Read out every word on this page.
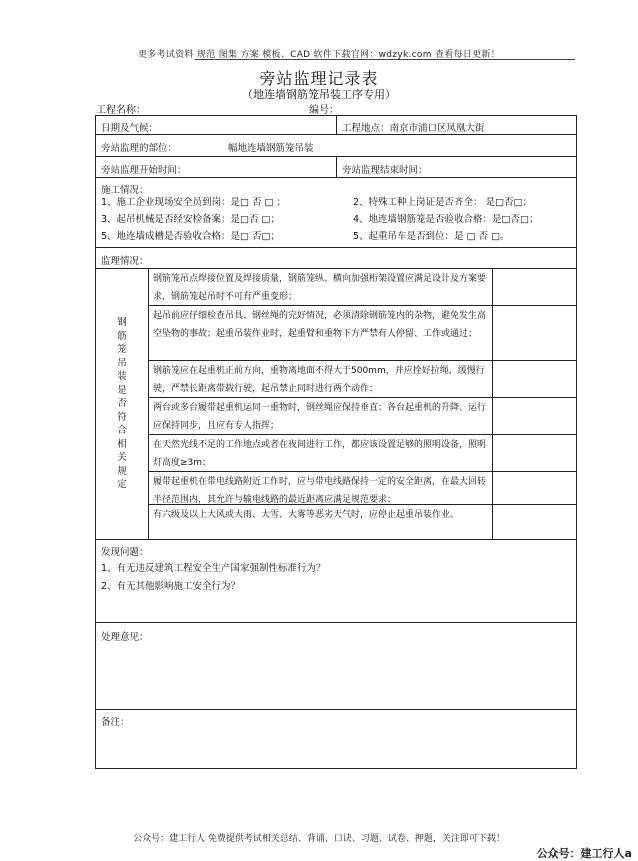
更多考试资料 规范 图集 方案 模板、CAD 软件下载官网：wdzyk.com 查看每日更新！
旁站监理记录表
（地连墙钢筋笼吊装工序专用）
工程名称：	编号：
日期及气候：	工程地点：南京市浦口区凤凰大街
旁站监理的部位：	幅地连墙钢筋笼吊装
旁站监理开始时间：	旁站监理结束时间：
施工情况：
1、施工企业现场安全员到岗：是□ 否 □ ；	2、特殊工种上岗证是否齐全： 是□否□；
3、起吊机械是否经安检备案：是□否 □；	4、地连墙钢筋笼是否验收合格：是□否□；
5、地连墙成槽是否验收合格：是□ 否□；	5、起重吊车是否到位：是 □ 否 □。
监理情况：
钢筋笼吊装是否符合相关规定
钢筋笼吊点焊接位置及焊接质量，钢筋笼纵、横向加强桁架设置应满足设计及方案要求，钢筋笼起吊时不可有严重变形；
起吊前应仔细检查吊具、钢丝绳的完好情况，必须清除钢筋笼内的杂物，避免发生高空坠物的事故；起重吊装作业时，起重臂和重物下方严禁有人停留、工作或通过；
钢筋笼应在起重机正前方向，重物离地面不得大于500mm，并应拴好拉绳，缓慢行驶，严禁长距离带载行驶，起吊禁止同时进行两个动作；
两台或多台履带起重机运同一重物时，钢丝绳应保持垂直；各台起重机的升降、运行应保持同步，且应有专人指挥；
在天然光线不足的工作地点或者在夜间进行工作，都应该设置足够的照明设备，照明灯高度≥3m；
履带起重机在带电线路附近工作时，应与带电线路保持一定的安全距离，在最大回转半径范围内，其允许与输电线路的最近距离应满足规范要求；
有六级及以上大风或大雨、大雪、大雾等恶劣天气时，应停止起重吊装作业。
发现问题：
1、有无违反建筑工程安全生产国家强制性标准行为？
2、有无其他影响施工安全行为？
处理意见：
备注：
公众号：建工行人 免费提供考试相关总结、背诵、口诀、习题、试卷、押题，关注即可下载！
公众号：建工行人a
